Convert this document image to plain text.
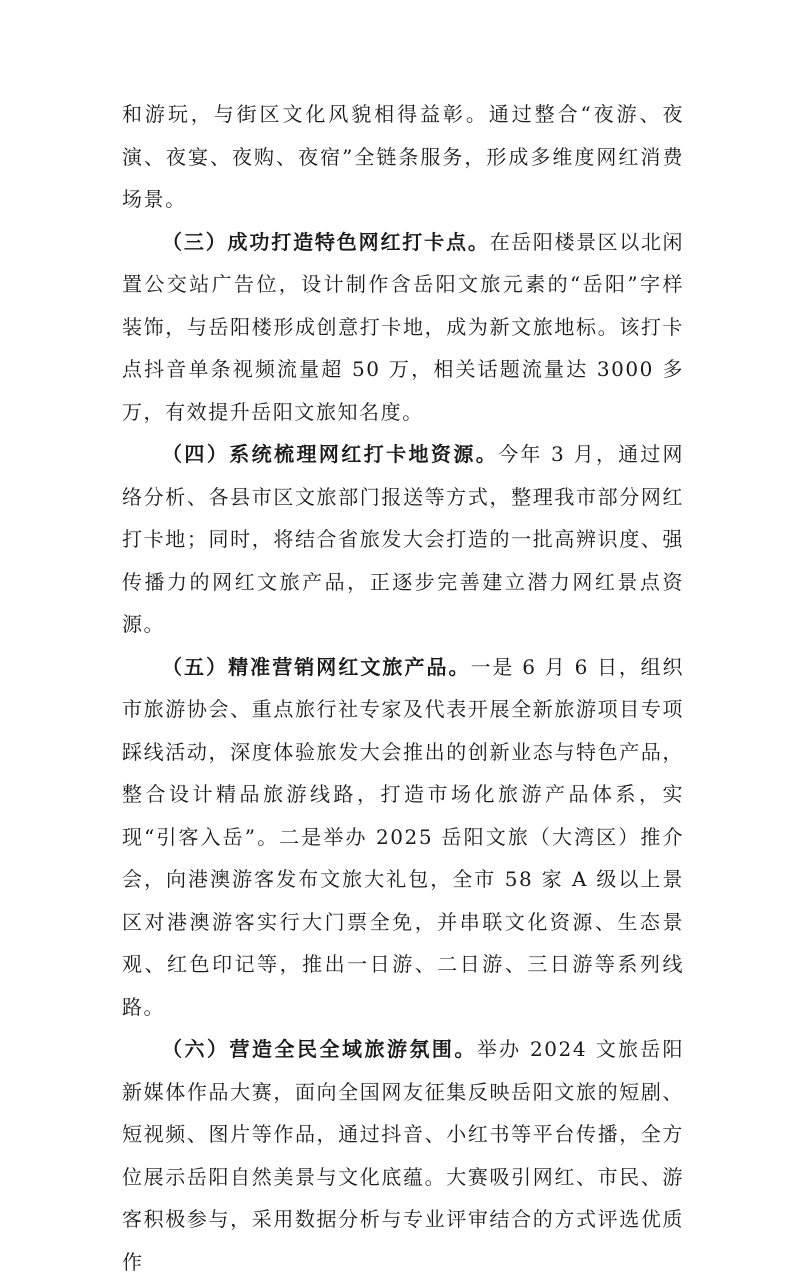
和游玩，与街区文化风貌相得益彰。通过整合“夜游、夜演、夜宴、夜购、夜宿”全链条服务，形成多维度网红消费场景。

（三）成功打造特色网红打卡点。在岳阳楼景区以北闲置公交站广告位，设计制作含岳阳文旅元素的“岳阳”字样装饰，与岳阳楼形成创意打卡地，成为新文旅地标。该打卡点抖音单条视频流量超 50 万，相关话题流量达 3000 多万，有效提升岳阳文旅知名度。

（四）系统梳理网红打卡地资源。今年 3 月，通过网络分析、各县市区文旅部门报送等方式，整理我市部分网红打卡地；同时，将结合省旅发大会打造的一批高辨识度、强传播力的网红文旅产品，正逐步完善建立潜力网红景点资源。

（五）精准营销网红文旅产品。一是 6 月 6 日，组织市旅游协会、重点旅行社专家及代表开展全新旅游项目专项踩线活动，深度体验旅发大会推出的创新业态与特色产品，整合设计精品旅游线路，打造市场化旅游产品体系，实现“引客入岳”。二是举办 2025 岳阳文旅（大湾区）推介会，向港澳游客发布文旅大礼包，全市 58 家 A 级以上景区对港澳游客实行大门票全免，并串联文化资源、生态景观、红色印记等，推出一日游、二日游、三日游等系列线路。

（六）营造全民全域旅游氛围。举办 2024 文旅岳阳新媒体作品大赛，面向全国网友征集反映岳阳文旅的短剧、短视频、图片等作品，通过抖音、小红书等平台传播，全方位展示岳阳自然美景与文化底蕴。大赛吸引网红、市民、游客积极参与，采用数据分析与专业评审结合的方式评选优质作
